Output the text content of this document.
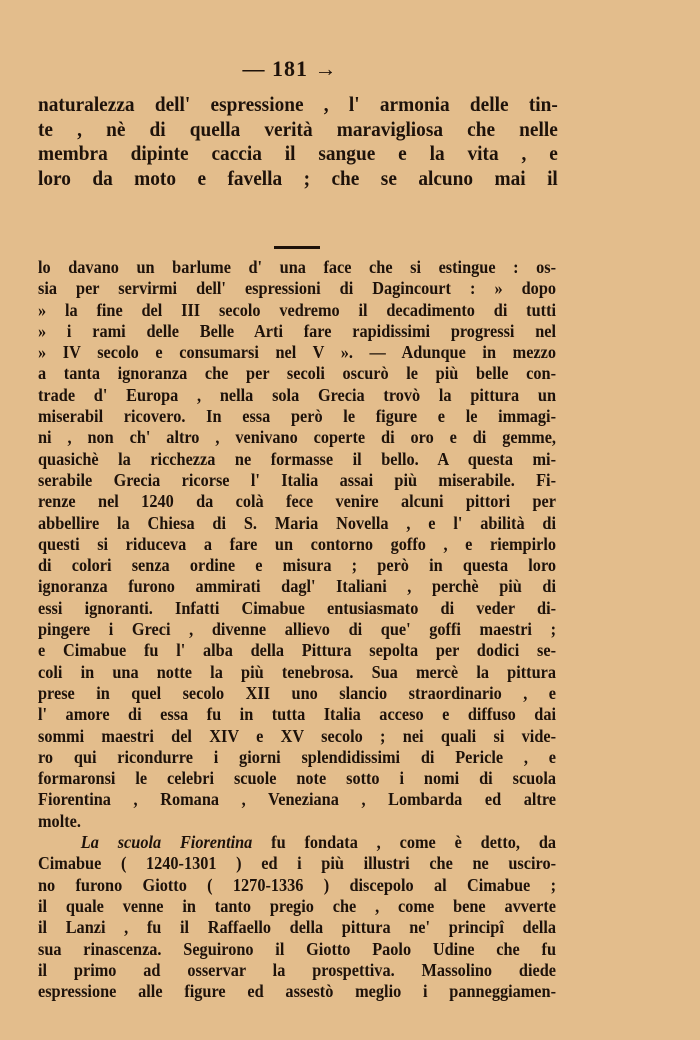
— 181 →
naturalezza dell' espressione , l' armonia delle tin-
te , nè di quella verità maravigliosa che nelle
membra dipinte caccia il sangue e la vita , e
loro da moto e favella ; che se alcuno mai il
lo davano un barlume d' una face che si estingue : os-
sia per servirmi dell' espressioni di Dagincourt : » dopo
» la fine del III secolo vedremo il decadimento di tutti
» i rami delle Belle Arti fare rapidissimi progressi nel
» IV secolo e consumarsi nel V ». — Adunque in mezzo
a tanta ignoranza che per secoli oscurò le più belle con-
trade d' Europa , nella sola Grecia trovò la pittura un
miserabil ricovero. In essa però le figure e le immagi-
ni , non ch' altro , venivano coperte di oro e di gemme,
quasichè la ricchezza ne formasse il bello. A questa mi-
serabile Grecia ricorse l' Italia assai più miserabile. Fi-
renze nel 1240 da colà fece venire alcuni pittori per
abbellire la Chiesa di S. Maria Novella , e l' abilità di
questi si riduceva a fare un contorno goffo , e riempirlo
di colori senza ordine e misura ; però in questa loro
ignoranza furono ammirati dagl' Italiani , perchè più di
essi ignoranti. Infatti Cimabue entusiasmato di veder di-
pingere i Greci , divenne allievo di que' goffi maestri ;
e Cimabue fu l' alba della Pittura sepolta per dodici se-
coli in una notte la più tenebrosa. Sua mercè la pittura
prese in quel secolo XII uno slancio straordinario , e
l' amore di essa fu in tutta Italia acceso e diffuso dai
sommi maestri del XIV e XV secolo ; nei quali si vide-
ro qui ricondurre i giorni splendidissimi di Pericle , e
formaronsi le celebri scuole note sotto i nomi di scuola
Fiorentina , Romana , Veneziana , Lombarda ed altre
molte.
La scuola Fiorentina fu fondata , come è detto, da
Cimabue ( 1240-1301 ) ed i più illustri che ne usciro-
no furono Giotto ( 1270-1336 ) discepolo al Cimabue ;
il quale venne in tanto pregio che , come bene avverte
il Lanzi , fu il Raffaello della pittura ne' principî della
sua rinascenza. Seguirono il Giotto Paolo Udine che fu
il primo ad osservar la prospettiva. Massolino diede
espressione alle figure ed assestò meglio i panneggiamen-
